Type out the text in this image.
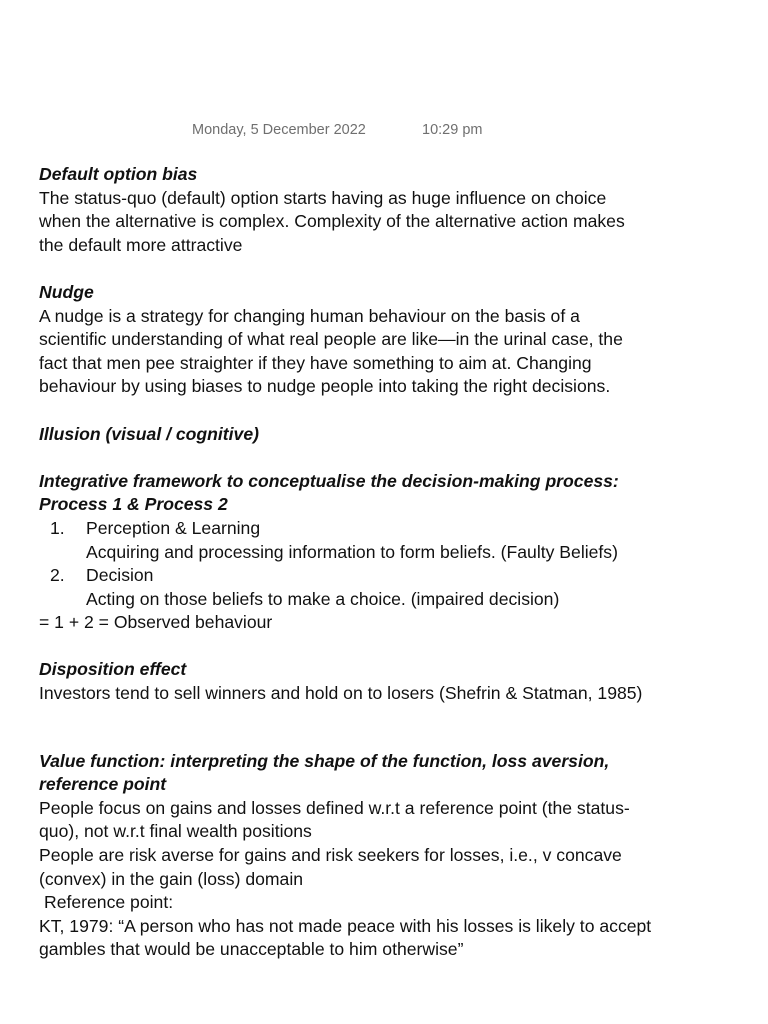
Monday, 5 December 2022	10:29 pm
Default option bias
The status-quo (default) option starts having as huge influence on choice
when the alternative is complex. Complexity of the alternative action makes
the default more attractive
Nudge
A nudge is a strategy for changing human behaviour on the basis of a
scientific understanding of what real people are like—in the urinal case, the
fact that men pee straighter if they have something to aim at. Changing
behaviour by using biases to nudge people into taking the right decisions.
Illusion (visual / cognitive)
Integrative framework to conceptualise the decision-making process:
Process 1 & Process 2
1. Perception & Learning
Acquiring and processing information to form beliefs. (Faulty Beliefs)
2. Decision
Acting on those beliefs to make a choice. (impaired decision)
= 1 + 2 = Observed behaviour
Disposition effect
Investors tend to sell winners and hold on to losers (Shefrin & Statman, 1985)
Value function: interpreting the shape of the function, loss aversion,
reference point
People focus on gains and losses defined w.r.t a reference point (the status-
quo), not w.r.t final wealth positions
People are risk averse for gains and risk seekers for losses, i.e., v concave
(convex) in the gain (loss) domain
Reference point:
KT, 1979: “A person who has not made peace with his losses is likely to accept
gambles that would be unacceptable to him otherwise”
